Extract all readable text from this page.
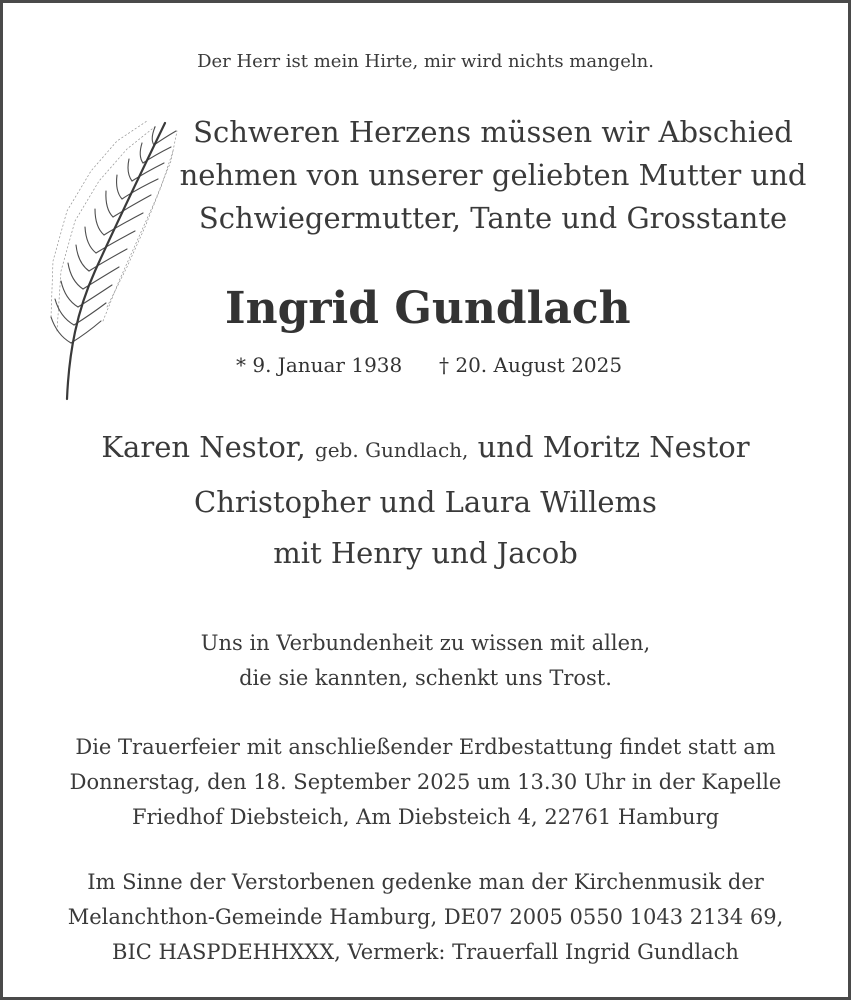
Der Herr ist mein Hirte, mir wird nichts mangeln.
Schweren Herzens müssen wir Abschied
nehmen von unserer geliebten Mutter und
Schwiegermutter, Tante und Grosstante
Ingrid Gundlach
* 9. Januar 1938 † 20. August 2025
Karen Nestor, geb. Gundlach, und Moritz Nestor
Christopher und Laura Willems
mit Henry und Jacob
Uns in Verbundenheit zu wissen mit allen,
die sie kannten, schenkt uns Trost.
Die Trauerfeier mit anschließender Erdbestattung findet statt am
Donnerstag, den 18. September 2025 um 13.30 Uhr in der Kapelle
Friedhof Diebsteich, Am Diebsteich 4, 22761 Hamburg
Im Sinne der Verstorbenen gedenke man der Kirchenmusik der
Melanchthon-Gemeinde Hamburg, DE07 2005 0550 1043 2134 69,
BIC HASPDEHHXXX, Vermerk: Trauerfall Ingrid Gundlach
